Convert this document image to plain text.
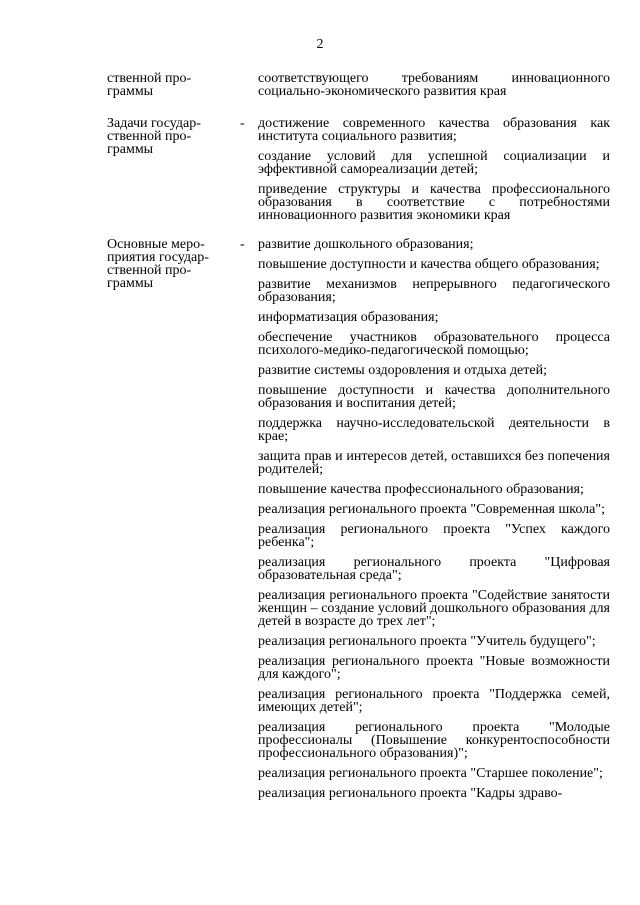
2
ственной про-
граммы
соответствующего требованиям инновационного социально-экономического развития края
Задачи государ-
ственной про-
граммы
- достижение современного качества образования как института социального развития;
создание условий для успешной социализации и эффективной самореализации детей;
приведение структуры и качества профессионального образования в соответствие с потребностями инновационного развития экономики края
Основные меро-
приятия государ-
ственной про-
граммы
- развитие дошкольного образования;
повышение доступности и качества общего образования;
развитие механизмов непрерывного педагогического образования;
информатизация образования;
обеспечение участников образовательного процесса психолого-медико-педагогической помощью;
развитие системы оздоровления и отдыха детей;
повышение доступности и качества дополнительного образования и воспитания детей;
поддержка научно-исследовательской деятельности в крае;
защита прав и интересов детей, оставшихся без попечения родителей;
повышение качества профессионального образования;
реализация регионального проекта "Современная школа";
реализация регионального проекта "Успех каждого ребенка";
реализация регионального проекта "Цифровая образовательная среда";
реализация регионального проекта "Содействие занятости женщин – создание условий дошкольного образования для детей в возрасте до трех лет";
реализация регионального проекта "Учитель будущего";
реализация регионального проекта "Новые возможности для каждого";
реализация регионального проекта "Поддержка семей, имеющих детей";
реализация регионального проекта "Молодые профессионалы (Повышение конкурентоспособности профессионального образования)";
реализация регионального проекта "Старшее поколение";
реализация регионального проекта "Кадры здраво-
